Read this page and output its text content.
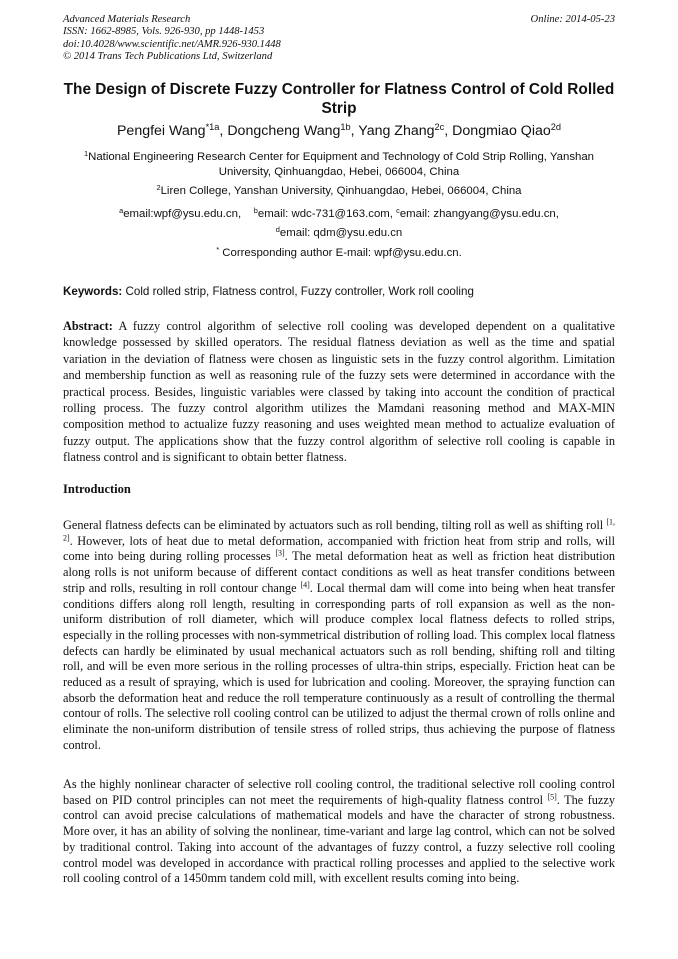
Advanced Materials Research
ISSN: 1662-8985, Vols. 926-930, pp 1448-1453
doi:10.4028/www.scientific.net/AMR.926-930.1448
© 2014 Trans Tech Publications Ltd, Switzerland
Online: 2014-05-23
The Design of Discrete Fuzzy Controller for Flatness Control of Cold Rolled Strip
Pengfei Wang$^{*1a}$, Dongcheng Wang$^{1b}$, Yang Zhang$^{2c}$, Dongmiao Qiao$^{2d}$
$^1$National Engineering Research Center for Equipment and Technology of Cold Strip Rolling, Yanshan University, Qinhuangdao, Hebei, 066004, China
$^2$Liren College, Yanshan University, Qinhuangdao, Hebei, 066004, China
$^a$email:wpf@ysu.edu.cn, $^b$email: wdc-731@163.com, $^c$email: zhangyang@ysu.edu.cn,
$^d$email: qdm@ysu.edu.cn
* Corresponding author E-mail: wpf@ysu.edu.cn.
Keywords: Cold rolled strip, Flatness control, Fuzzy controller, Work roll cooling
Abstract: A fuzzy control algorithm of selective roll cooling was developed dependent on a qualitative knowledge possessed by skilled operators. The residual flatness deviation as well as the time and spatial variation in the deviation of flatness were chosen as linguistic sets in the fuzzy control algorithm. Limitation and membership function as well as reasoning rule of the fuzzy sets were determined in accordance with the practical process. Besides, linguistic variables were classed by taking into account the condition of practical rolling process. The fuzzy control algorithm utilizes the Mamdani reasoning method and MAX-MIN composition method to actualize fuzzy reasoning and uses weighted mean method to actualize evaluation of fuzzy output. The applications show that the fuzzy control algorithm of selective roll cooling is capable in flatness control and is significant to obtain better flatness.
Introduction
General flatness defects can be eliminated by actuators such as roll bending, tilting roll as well as shifting roll [1, 2]. However, lots of heat due to metal deformation, accompanied with friction heat from strip and rolls, will come into being during rolling processes [3]. The metal deformation heat as well as friction heat distribution along rolls is not uniform because of different contact conditions as well as heat transfer conditions between strip and rolls, resulting in roll contour change [4]. Local thermal dam will come into being when heat transfer conditions differs along roll length, resulting in corresponding parts of roll expansion as well as the non-uniform distribution of roll diameter, which will produce complex local flatness defects to rolled strips, especially in the rolling processes with non-symmetrical distribution of rolling load. This complex local flatness defects can hardly be eliminated by usual mechanical actuators such as roll bending, shifting roll and tilting roll, and will be even more serious in the rolling processes of ultra-thin strips, especially. Friction heat can be reduced as a result of spraying, which is used for lubrication and cooling. Moreover, the spraying function can absorb the deformation heat and reduce the roll temperature continuously as a result of controlling the thermal contour of rolls. The selective roll cooling control can be utilized to adjust the thermal crown of rolls online and eliminate the non-uniform distribution of tensile stress of rolled strips, thus achieving the purpose of flatness control.
As the highly nonlinear character of selective roll cooling control, the traditional selective roll cooling control based on PID control principles can not meet the requirements of high-quality flatness control [5]. The fuzzy control can avoid precise calculations of mathematical models and have the character of strong robustness. More over, it has an ability of solving the nonlinear, time-variant and large lag control, which can not be solved by traditional control. Taking into account of the advantages of fuzzy control, a fuzzy selective roll cooling control model was developed in accordance with practical rolling processes and applied to the selective work roll cooling control of a 1450mm tandem cold mill, with excellent results coming into being.
